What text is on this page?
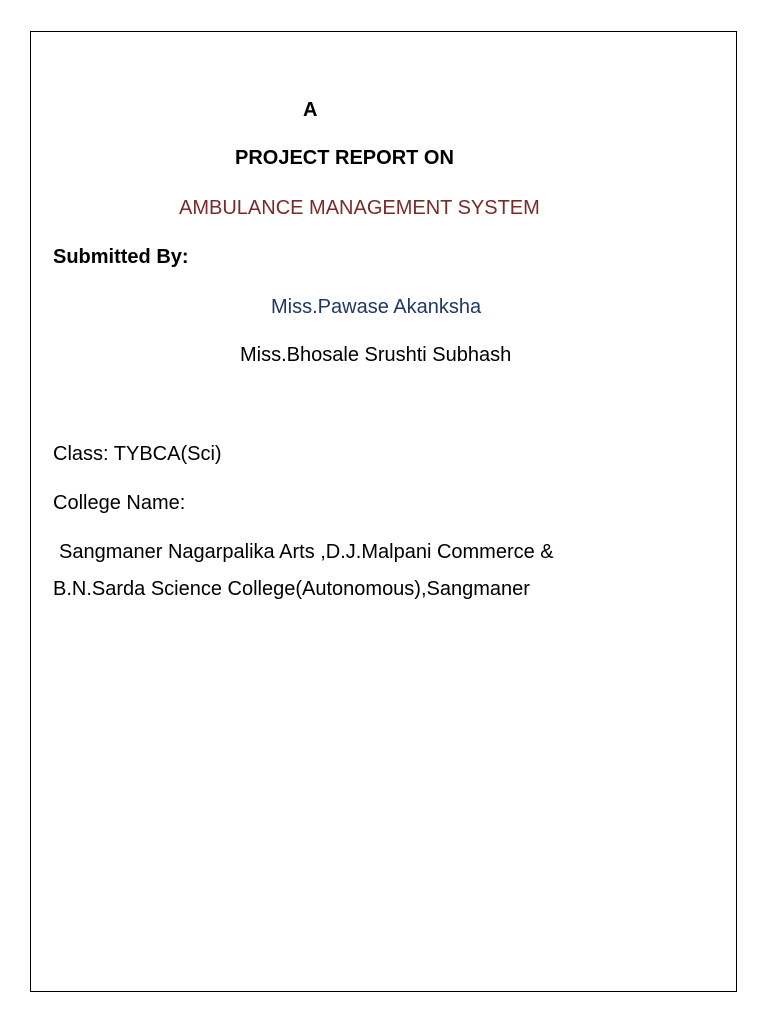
A
PROJECT REPORT ON
AMBULANCE MANAGEMENT SYSTEM
Submitted By:
Miss.Pawase Akanksha
Miss.Bhosale Srushti Subhash
Class: TYBCA(Sci)
College Name:
Sangmaner Nagarpalika Arts ,D.J.Malpani Commerce &
B.N.Sarda Science College(Autonomous),Sangmaner
